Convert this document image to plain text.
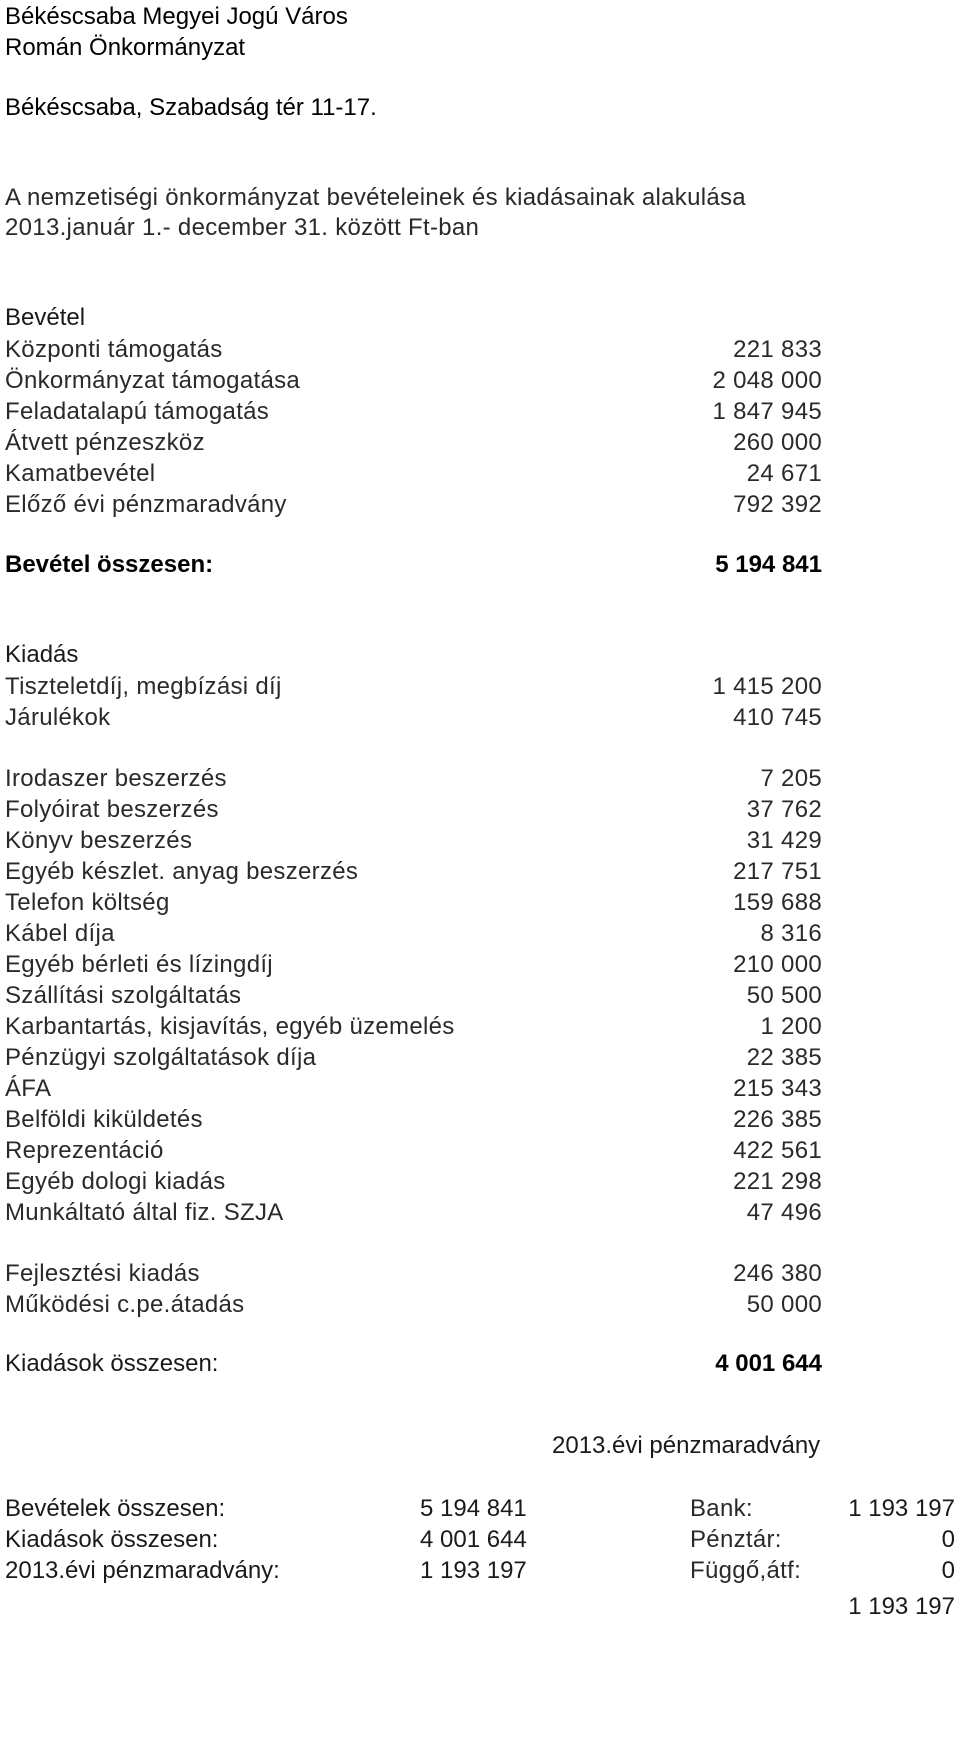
Békéscsaba Megyei Jogú Város
Román Önkormányzat
Békéscsaba, Szabadság tér 11-17.
A nemzetiségi önkormányzat bevételeinek és kiadásainak alakulása
2013.január 1.- december 31. között Ft-ban
Bevétel
Központi támogatás	221 833
Önkormányzat támogatása	2 048 000
Feladatalapú támogatás	1 847 945
Átvett pénzeszköz	260 000
Kamatbevétel	24 671
Előző évi pénzmaradvány	792 392
Bevétel összesen:	5 194 841
Kiadás
Tiszteletdíj, megbízási díj	1 415 200
Járulékok	410 745
Irodaszer beszerzés	7 205
Folyóirat beszerzés	37 762
Könyv beszerzés	31 429
Egyéb készlet. anyag beszerzés	217 751
Telefon költség	159 688
Kábel díja	8 316
Egyéb bérleti és lízingdíj	210 000
Szállítási szolgáltatás	50 500
Karbantartás, kisjavítás, egyéb üzemelés	1 200
Pénzügyi szolgáltatások díja	22 385
ÁFA	215 343
Belföldi kiküldetés	226 385
Reprezentáció	422 561
Egyéb dologi kiadás	221 298
Munkáltató által fiz. SZJA	47 496
Fejlesztési kiadás	246 380
Működési c.pe.átadás	50 000
Kiadások összesen:	4 001 644
2013.évi pénzmaradvány
Bevételek összesen:	5 194 841	Bank:	1 193 197
Kiadások összesen:	4 001 644	Pénztár:	0
2013.évi pénzmaradvány:	1 193 197	Függő,átf:	0
1 193 197
